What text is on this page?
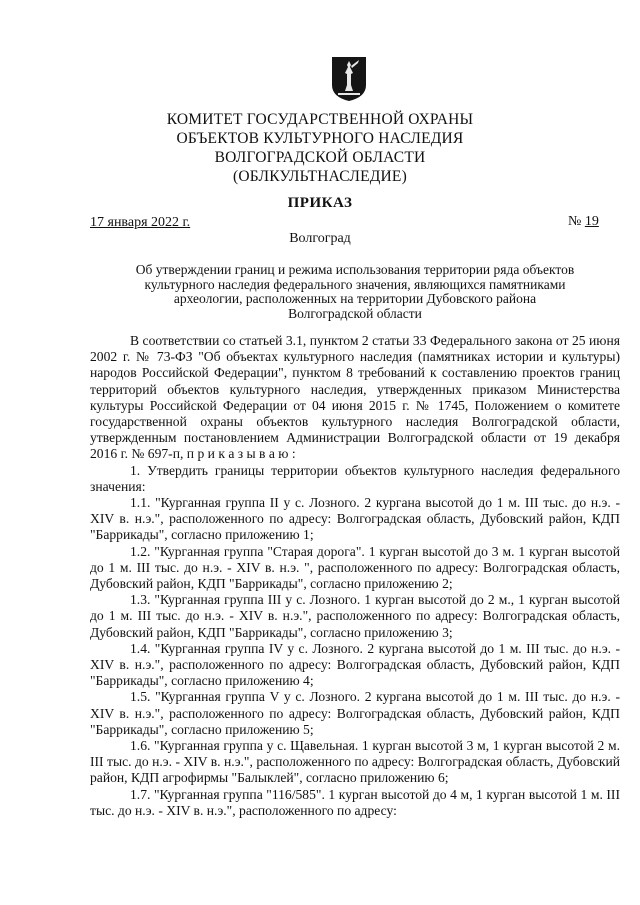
КОМИТЕТ ГОСУДАРСТВЕННОЙ ОХРАНЫ
ОБЪЕКТОВ КУЛЬТУРНОГО НАСЛЕДИЯ
ВОЛГОГРАДСКОЙ ОБЛАСТИ
(ОБЛКУЛЬТНАСЛЕДИЕ)
ПРИКАЗ
17 января 2022 г.	№ 19
Волгоград
Об утверждении границ и режима использования территории ряда объектов
культурного наследия федерального значения, являющихся памятниками
археологии, расположенных на территории Дубовского района
Волгоградской области

В соответствии со статьей 3.1, пунктом 2 статьи 33 Федерального закона от 25 июня 2002 г. № 73-ФЗ "Об объектах культурного наследия (памятниках истории и культуры) народов Российской Федерации", пунктом 8 требований к составлению проектов границ территорий объектов культурного наследия, утвержденных приказом Министерства культуры Российской Федерации от 04 июня 2015 г. № 1745, Положением о комитете государственной охраны объектов культурного наследия Волгоградской области, утвержденным постановлением Администрации Волгоградской области от 19 декабря 2016 г. № 697-п, п р и к а з ы в а ю :

1. Утвердить границы территории объектов культурного наследия федерального значения:

1.1. "Курганная группа II у с. Лозного. 2 кургана высотой до 1 м. III тыс. до н.э. - XIV в. н.э.", расположенного по адресу: Волгоградская область, Дубовский район, КДП "Баррикады", согласно приложению 1;

1.2. "Курганная группа "Старая дорога". 1 курган высотой до 3 м. 1 курган высотой до 1 м. III тыс. до н.э. - XIV в. н.э. ", расположенного по адресу: Волгоградская область, Дубовский район, КДП "Баррикады", согласно приложению 2;

1.3. "Курганная группа III у с. Лозного. 1 курган высотой до 2 м., 1 курган высотой до 1 м. III тыс. до н.э. - XIV в. н.э.", расположенного по адресу: Волгоградская область, Дубовский район, КДП "Баррикады", согласно приложению 3;

1.4. "Курганная группа IV у с. Лозного. 2 кургана высотой до 1 м. III тыс. до н.э. - XIV в. н.э.", расположенного по адресу: Волгоградская область, Дубовский район, КДП "Баррикады", согласно приложению 4;

1.5. "Курганная группа V у с. Лозного. 2 кургана высотой до 1 м. III тыс. до н.э. - XIV в. н.э.", расположенного по адресу: Волгоградская область, Дубовский район, КДП "Баррикады", согласно приложению 5;

1.6. "Курганная группа у с. Щавельная. 1 курган высотой 3 м, 1 курган высотой 2 м. III тыс. до н.э. - XIV в. н.э.", расположенного по адресу: Волгоградская область, Дубовский район, КДП агрофирмы "Балыклей", согласно приложению 6;

1.7. "Курганная группа "116/585". 1 курган высотой до 4 м, 1 курган высотой 1 м. III тыс. до н.э. - XIV в. н.э.", расположенного по адресу:
